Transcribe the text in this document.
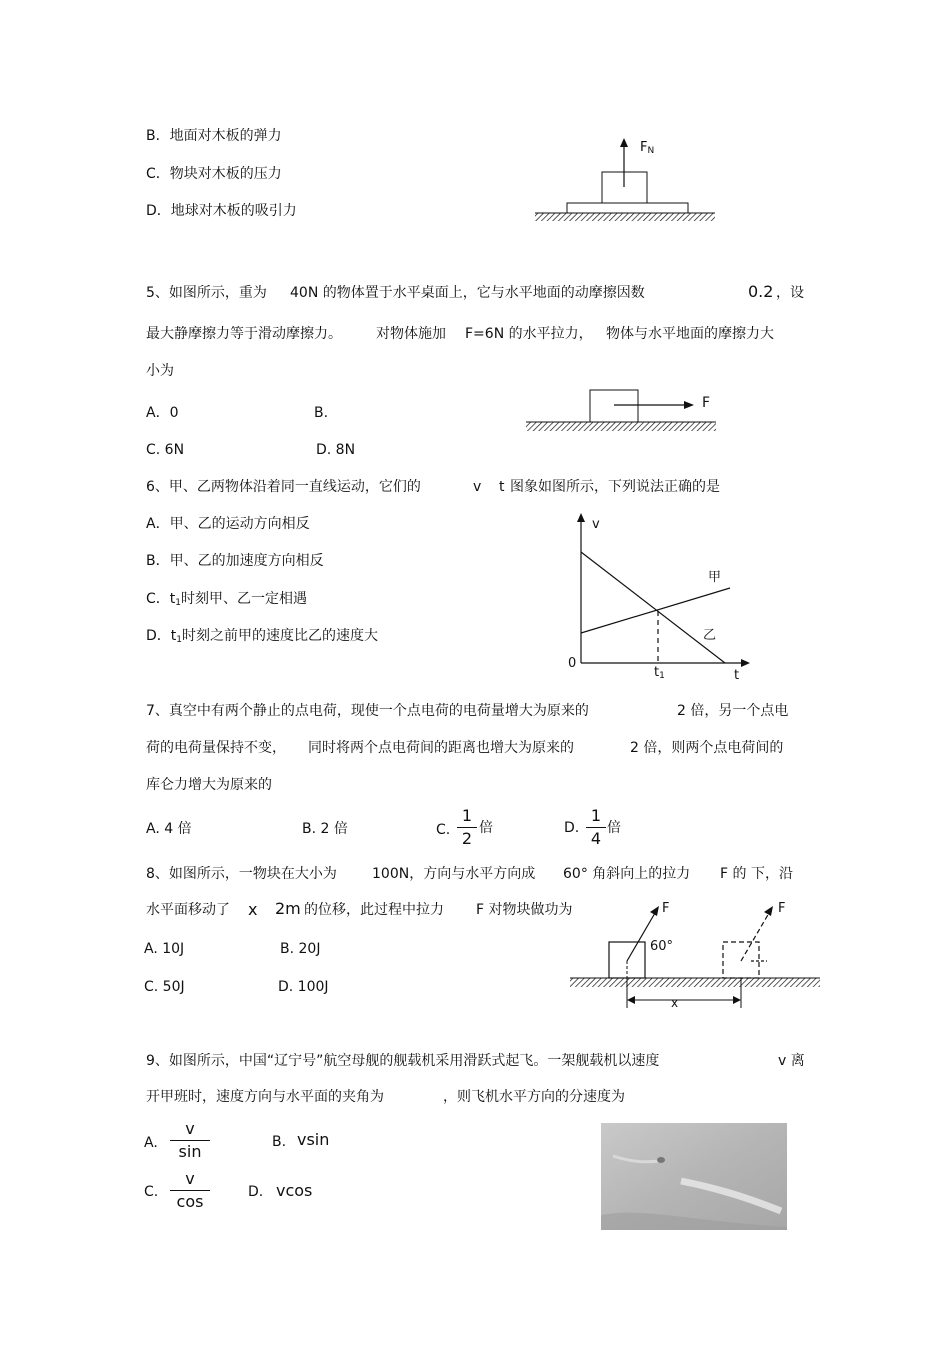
B．地面对木板的弹力
C．物块对木板的压力
D．地球对木板的吸引力
$F_N$
5、如图所示，重为 40N 的物体置于水平桌面上，它与水平地面的动摩擦因数	0.2 ，设
最大静摩擦力等于滑动摩擦力。 对物体施加 F=6N 的水平拉力， 物体与水平地面的摩擦力大
小为
A．0	B.
C. 6N	D. 8N
F
6、甲、乙两物体沿着同一直线运动，它们的	v t 图象如图所示，下列说法正确的是
A．甲、乙的运动方向相反
B．甲、乙的加速度方向相反
C．$t_1$时刻甲、乙一定相遇
D．$t_1$时刻之前甲的速度比乙的速度大
v
t
0
甲
乙
$t_1$
7、真空中有两个静止的点电荷，现使一个点电荷的电荷量增大为原来的	2 倍，另一个点电
荷的电荷量保持不变， 同时将两个点电荷间的距离也增大为原来的	2 倍，则两个点电荷间的
库仑力增大为原来的
A. 4 倍	B. 2 倍	C.
1
2
倍	D.
1
4
倍
8、如图所示，一物块在大小为	100N，方向与水平方向成 60° 角斜向上的拉力 F 的 下，沿
水平面移动了 x 2m 的位移，此过程中拉力 F 对物块做功为
A. 10J	B. 20J
C. 50J	D. 100J
F	F
60°
x
9、如图所示，中国“辽宁号”航空母舰的舰载机采用滑跃式起飞。一架舰载机以速度	v 离
开甲班时，速度方向与水平面的夹角为	，则飞机水平方向的分速度为
A.
v
sin	B. vsin
C.
v
cos	D. vcos
